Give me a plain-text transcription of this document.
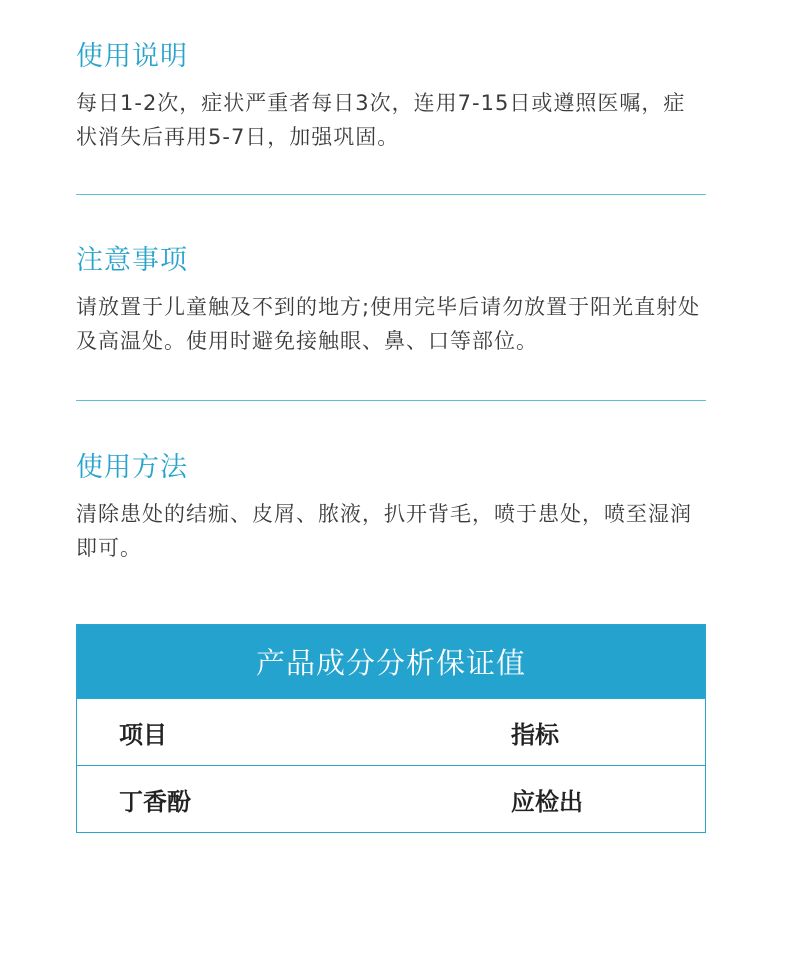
使用说明

每日1-2次，症状严重者每日3次，连用7-15日或遵照医嘱，症状消失后再用5-7日，加强巩固。

注意事项

请放置于儿童触及不到的地方;使用完毕后请勿放置于阳光直射处及高温处。使用时避免接触眼、鼻、口等部位。

使用方法

清除患处的结痂、皮屑、脓液，扒开背毛，喷于患处，喷至湿润即可。

产品成分分析保证值
项目	指标
丁香酚	应检出
